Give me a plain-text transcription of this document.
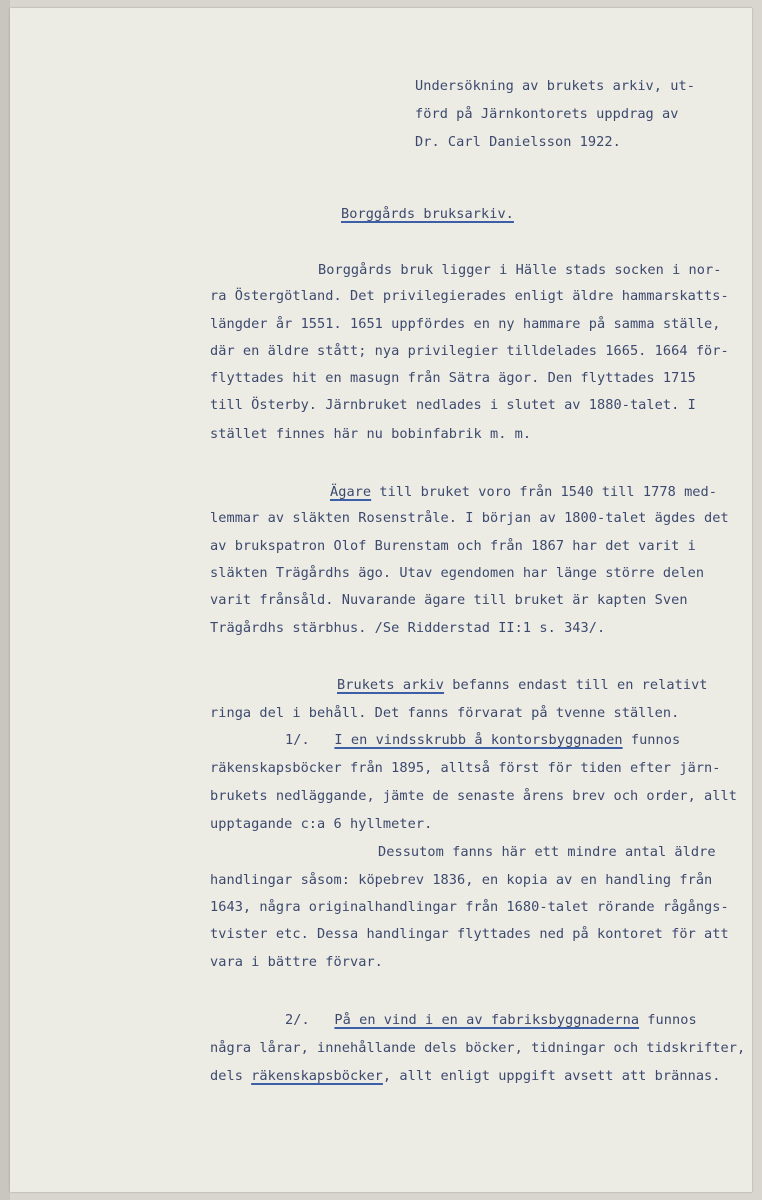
Undersökning av brukets arkiv, ut-
förd på Järnkontorets uppdrag av
Dr. Carl Danielsson 1922.
Borggårds bruksarkiv.
Borggårds bruk ligger i Hälle stads socken i nor-
ra Östergötland. Det privilegierades enligt äldre hammarskatts-
längder år 1551. 1651 uppfördes en ny hammare på samma ställe,
där en äldre stått; nya privilegier tilldelades 1665. 1664 för-
flyttades hit en masugn från Sätra ägor. Den flyttades 1715
till Österby. Järnbruket nedlades i slutet av 1880-talet. I
stället finnes här nu bobinfabrik m. m.
Ägare till bruket voro från 1540 till 1778 med-
lemmar av släkten Rosenstråle. I början av 1800-talet ägdes det
av brukspatron Olof Burenstam och från 1867 har det varit i
släkten Trägårdhs ägo. Utav egendomen har länge större delen
varit frånsåld. Nuvarande ägare till bruket är kapten Sven
Trägårdhs stärbhus. /Se Ridderstad II:1 s. 343/.
Brukets arkiv befanns endast till en relativt
ringa del i behåll. Det fanns förvarat på tvenne ställen.
1/. I en vindsskrubb å kontorsbyggnaden funnos
räkenskapsböcker från 1895, alltså först för tiden efter järn-
brukets nedläggande, jämte de senaste årens brev och order, allt
upptagande c:a 6 hyllmeter.
Dessutom fanns här ett mindre antal äldre
handlingar såsom: köpebrev 1836, en kopia av en handling från
1643, några originalhandlingar från 1680-talet rörande rågångs-
tvister etc. Dessa handlingar flyttades ned på kontoret för att
vara i bättre förvar.
2/. På en vind i en av fabriksbyggnaderna funnos
några lårar, innehållande dels böcker, tidningar och tidskrifter,
dels räkenskapsböcker, allt enligt uppgift avsett att brännas.
